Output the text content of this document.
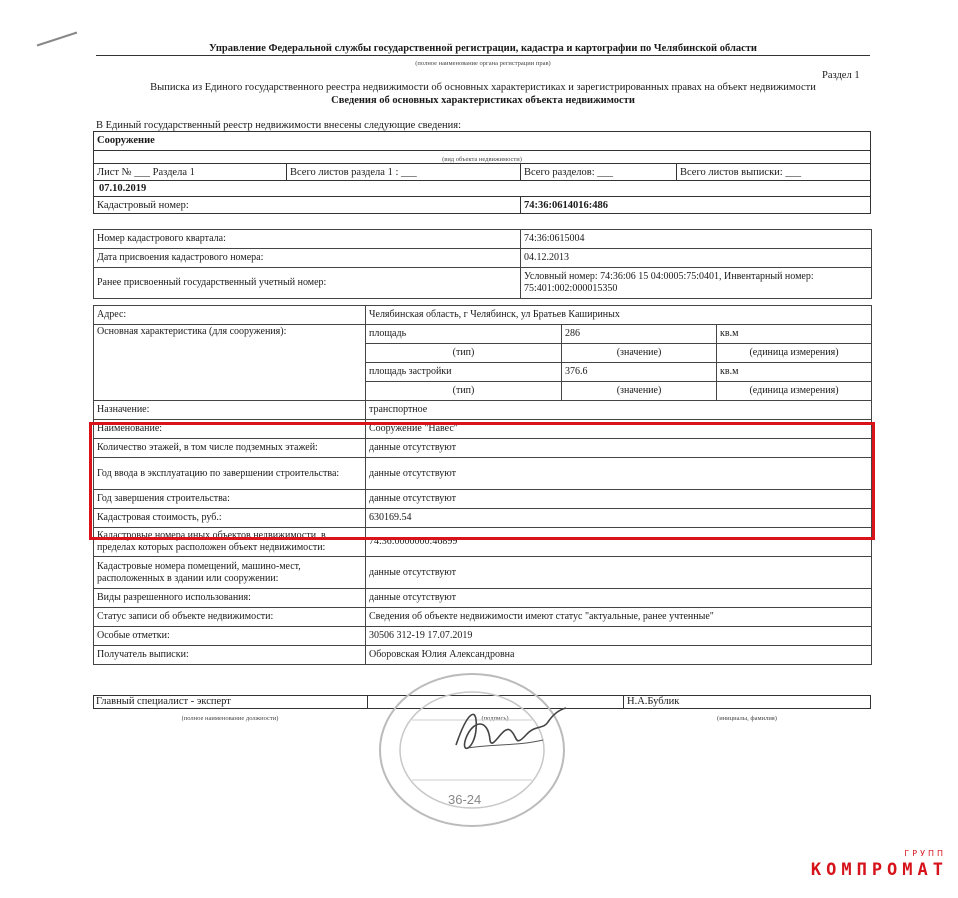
Управление Федеральной службы государственной регистрации, кадастра и картографии по Челябинской области
(полное наименование органа регистрации прав)
Раздел 1
Выписка из Единого государственного реестра недвижимости об основных характеристиках и зарегистрированных правах на объект недвижимости
Сведения об основных характеристиках объекта недвижимости
В Единый государственный реестр недвижимости внесены следующие сведения:
Сооружение
(вид объекта недвижимости)
Лист № ___ Раздела 1	Всего листов раздела 1 : ___	Всего разделов: ___	Всего листов выписки: ___
07.10.2019
Кадастровый номер:	74:36:0614016:486
Номер кадастрового квартала:	74:36:0615004
Дата присвоения кадастрового номера:	04.12.2013
Ранее присвоенный государственный учетный номер:	Условный номер: 74:36:06 15 04:0005:75:0401, Инвентарный номер: 75:401:002:000015350
Адрес:	Челябинская область, г Челябинск, ул Братьев Кашириных		
Основная характеристика (для сооружения):	площадь	286	кв.м
	(тип)	(значение)	(единица измерения)
	площадь застройки	376.6	кв.м
	(тип)	(значение)	(единица измерения)
Назначение:	транспортное		
Наименование:	Сооружение "Навес"		
Количество этажей, в том числе подземных этажей:	данные отсутствуют		
Год ввода в эксплуатацию по завершении строительства:	данные отсутствуют		
Год завершения строительства:	данные отсутствуют		
Кадастровая стоимость, руб.:	630169.54		
Кадастровые номера иных объектов недвижимости, в пределах которых расположен объект недвижимости:	74:36:0000000:46899		
Кадастровые номера помещений, машино-мест, расположенных в здании или сооружении:	данные отсутствуют		
Виды разрешенного использования:	данные отсутствуют		
Статус записи об объекте недвижимости:	Сведения об объекте недвижимости имеют статус "актуальные, ранее учтенные"		
Особые отметки:	30506 312-19 17.07.2019		
Получатель выписки:	Оборовская Юлия Александровна		
Главный специалист - эксперт	Н.А.Бублик
(полное наименование должности)	(подпись)	(инициалы, фамилия)
36-24
ГРУПП
КОМПРОМАТ
